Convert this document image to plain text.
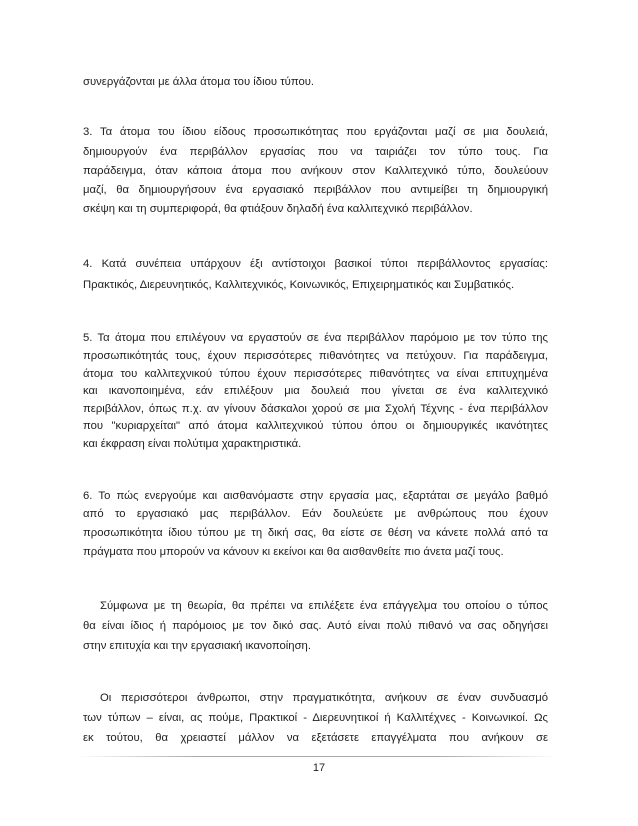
συνεργάζονται με άλλα άτομα του ίδιου τύπου.
3. Τα άτομα του ίδιου είδους προσωπικότητας που εργάζονται μαζί σε μια δουλειά,
δημιουργούν ένα περιβάλλον εργασίας που να ταιριάζει τον τύπο τους. Για
παράδειγμα, όταν κάποια άτομα που ανήκουν στον Καλλιτεχνικό τύπο, δουλεύουν
μαζί, θα δημιουργήσουν ένα εργασιακό περιβάλλον που αντιμείβει τη δημιουργική
σκέψη και τη συμπεριφορά, θα φτιάξουν δηλαδή ένα καλλιτεχνικό περιβάλλον.
4. Κατά συνέπεια υπάρχουν έξι αντίστοιχοι βασικοί τύποι περιβάλλοντος εργασίας:
Πρακτικός, Διερευνητικός, Καλλιτεχνικός, Κοινωνικός, Επιχειρηματικός και Συμβατικός.
5. Τα άτομα που επιλέγουν να εργαστούν σε ένα περιβάλλον παρόμοιο με τον τύπο της
προσωπικότητάς τους, έχουν περισσότερες πιθανότητες να πετύχουν. Για παράδειγμα,
άτομα του καλλιτεχνικού τύπου έχουν περισσότερες πιθανότητες να είναι επιτυχημένα
και ικανοποιημένα, εάν επιλέξουν μια δουλειά που γίνεται σε ένα καλλιτεχνικό
περιβάλλον, όπως π.χ. αν γίνουν δάσκαλοι χορού σε μια Σχολή Τέχνης - ένα περιβάλλον
που "κυριαρχείται" από άτομα καλλιτεχνικού τύπου όπου οι δημιουργικές ικανότητες
και έκφραση είναι πολύτιμα χαρακτηριστικά.
6. Το πώς ενεργούμε και αισθανόμαστε στην εργασία μας, εξαρτάται σε μεγάλο βαθμό
από το εργασιακό μας περιβάλλον. Εάν δουλεύετε με ανθρώπους που έχουν
προσωπικότητα ίδιου τύπου με τη δική σας, θα είστε σε θέση να κάνετε πολλά από τα
πράγματα που μπορούν να κάνουν κι εκείνοι και θα αισθανθείτε πιο άνετα μαζί τους.
Σύμφωνα με τη θεωρία, θα πρέπει να επιλέξετε ένα επάγγελμα του οποίου ο τύπος
θα είναι ίδιος ή παρόμοιος με τον δικό σας. Αυτό είναι πολύ πιθανό να σας οδηγήσει
στην επιτυχία και την εργασιακή ικανοποίηση.
Οι περισσότεροι άνθρωποι, στην πραγματικότητα, ανήκουν σε έναν συνδυασμό
των τύπων – είναι, ας πούμε, Πρακτικοί - Διερευνητικοί ή Καλλιτέχνες - Κοινωνικοί. Ως
εκ τούτου, θα χρειαστεί μάλλον να εξετάσετε επαγγέλματα που ανήκουν σε
17
